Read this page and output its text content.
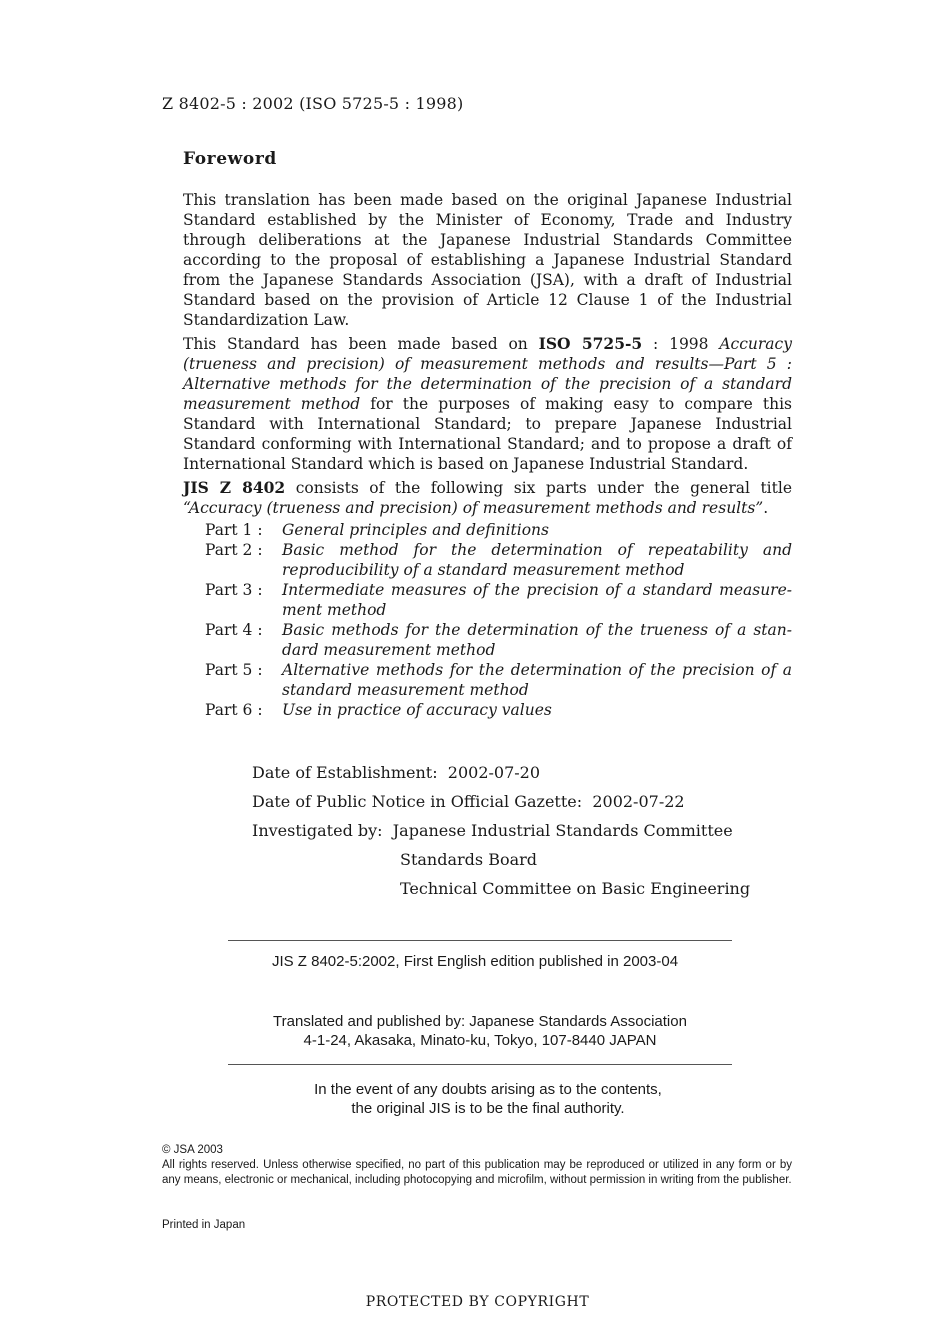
Z 8402-5 : 2002 (ISO 5725-5 : 1998)
Foreword

This translation has been made based on the original Japanese Industrial Standard established by the Minister of Economy, Trade and Industry through deliberations at the Japanese Industrial Standards Committee according to the proposal of establishing a Japanese Industrial Standard from the Japanese Standards Association (JSA), with a draft of Industrial Standard based on the provision of Article 12 Clause 1 of the Industrial Standardization Law.

This Standard has been made based on ISO 5725-5 : 1998 Accuracy (trueness and precision) of measurement methods and results—Part 5 : Alternative methods for the determination of the precision of a standard measurement method for the purposes of making easy to compare this Standard with International Standard; to prepare Japanese Industrial Standard conforming with International Standard; and to propose a draft of International Standard which is based on Japanese Industrial Standard.

JIS Z 8402 consists of the following six parts under the general title “Accuracy (trueness and precision) of measurement methods and results”.

Part 1 :	General principles and definitions
Part 2 :	Basic method for the determination of repeatability and reproducibility of a standard measurement method
Part 3 :	Intermediate measures of the precision of a standard measure-ment method
Part 4 :	Basic methods for the determination of the trueness of a stan-dard measurement method
Part 5 :	Alternative methods for the determination of the precision of a standard measurement method
Part 6 :	Use in practice of accuracy values
Date of Establishment: 2002-07-20
Date of Public Notice in Official Gazette: 2002-07-22
Investigated by: Japanese Industrial Standards Committee
Standards Board
Technical Committee on Basic Engineering
JIS Z 8402-5:2002, First English edition published in 2003-04
Translated and published by: Japanese Standards Association
4-1-24, Akasaka, Minato-ku, Tokyo, 107-8440 JAPAN
In the event of any doubts arising as to the contents,
the original JIS is to be the final authority.

© JSA 2003

All rights reserved. Unless otherwise specified, no part of this publication may be reproduced or utilized in any form or by any means, electronic or mechanical, including photocopying and microfilm, without permission in writing from the publisher.

Printed in Japan
PROTECTED BY COPYRIGHT
